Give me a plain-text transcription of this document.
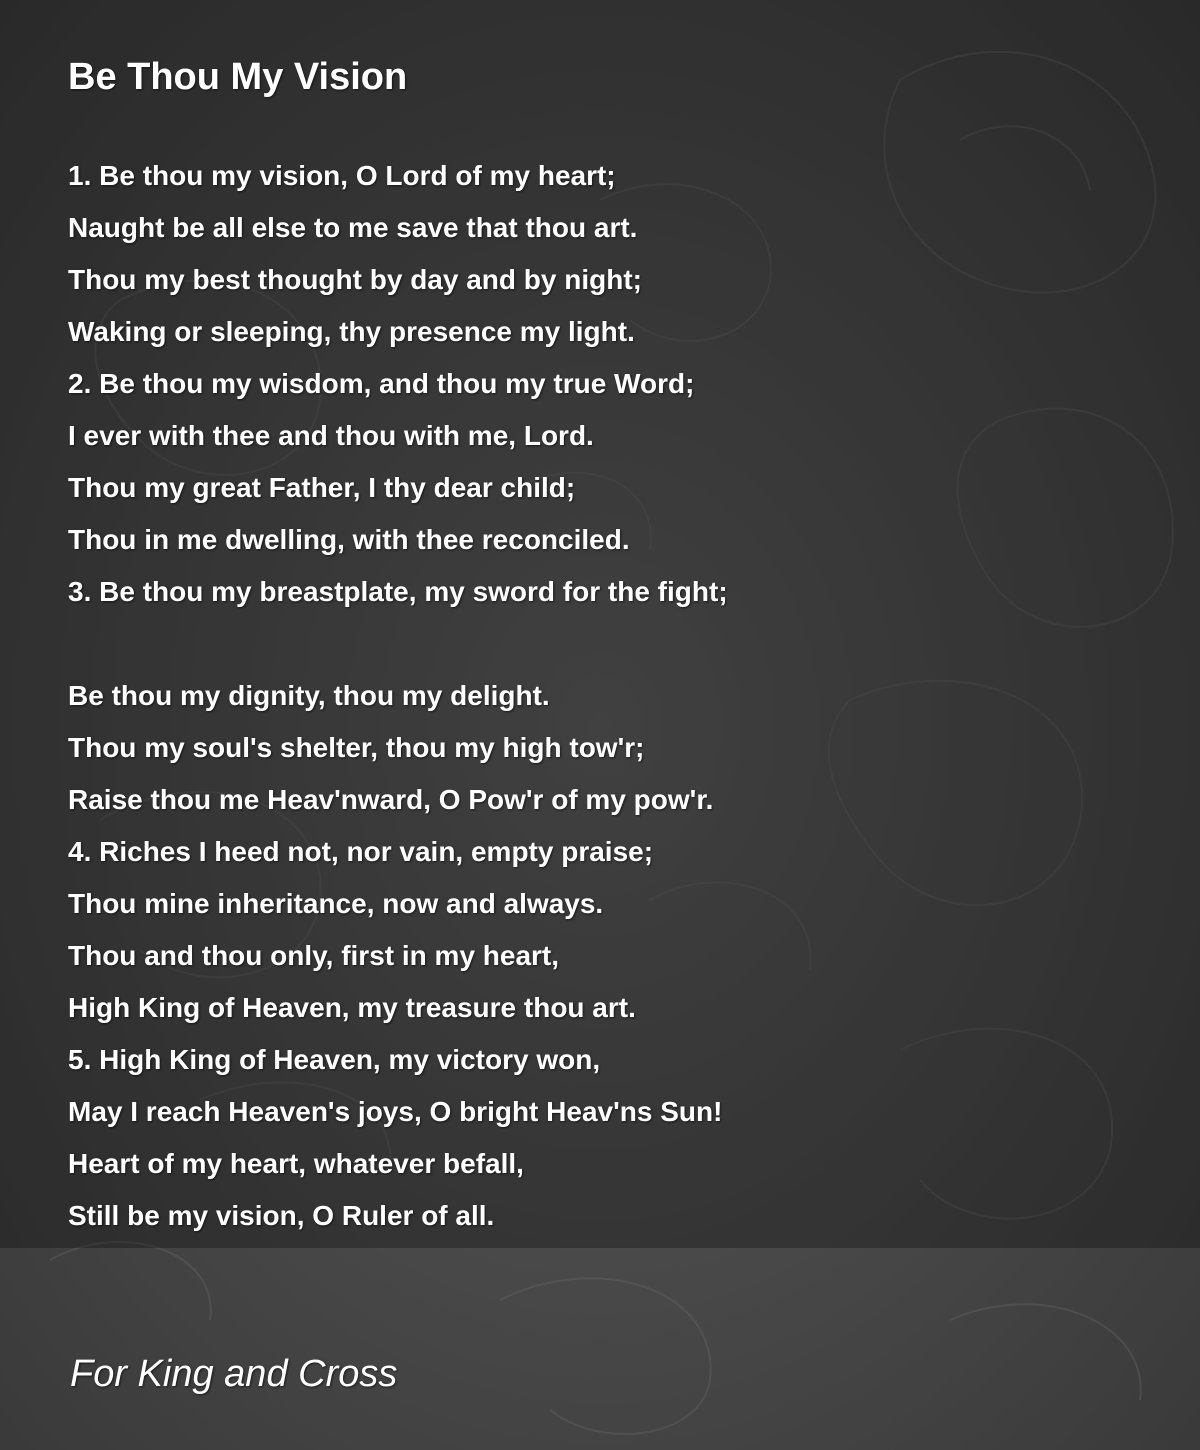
Be Thou My Vision
1. Be thou my vision, O Lord of my heart;
Naught be all else to me save that thou art.
Thou my best thought by day and by night;
Waking or sleeping, thy presence my light.
2. Be thou my wisdom, and thou my true Word;
I ever with thee and thou with me, Lord.
Thou my great Father, I thy dear child;
Thou in me dwelling, with thee reconciled.
3. Be thou my breastplate, my sword for the fight;
Be thou my dignity, thou my delight.
Thou my soul's shelter, thou my high tow'r;
Raise thou me Heav'nward, O Pow'r of my pow'r.
4. Riches I heed not, nor vain, empty praise;
Thou mine inheritance, now and always.
Thou and thou only, first in my heart,
High King of Heaven, my treasure thou art.
5. High King of Heaven, my victory won,
May I reach Heaven's joys, O bright Heav'ns Sun!
Heart of my heart, whatever befall,
Still be my vision, O Ruler of all.
For King and Cross
